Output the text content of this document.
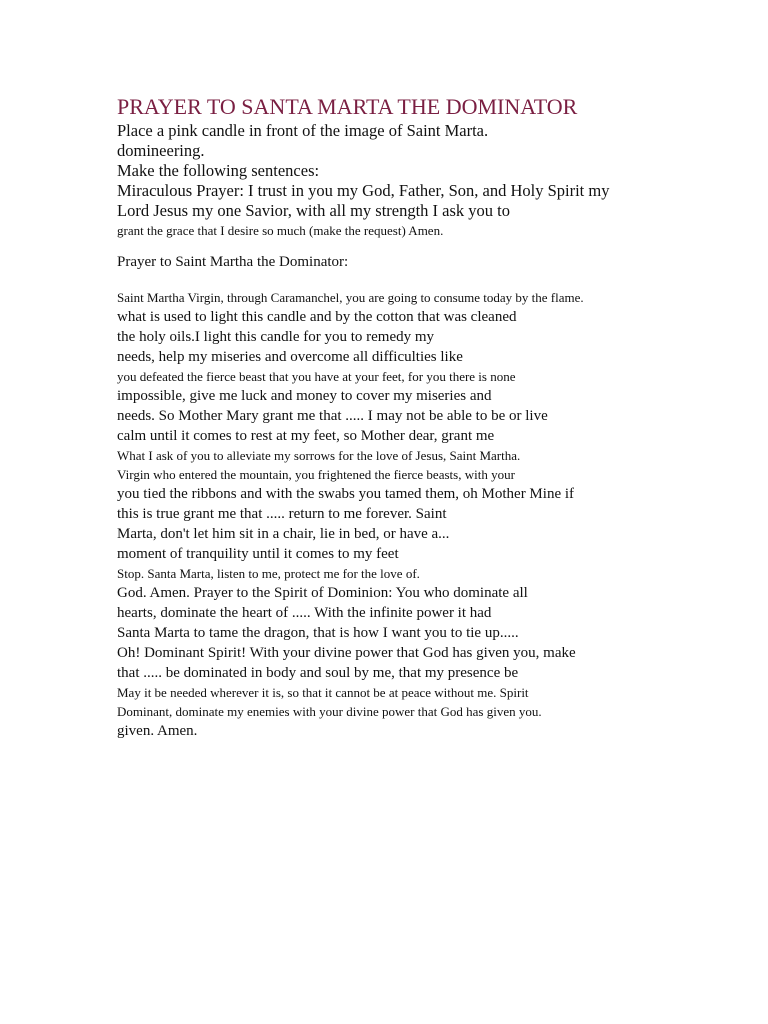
PRAYER TO SANTA MARTA THE DOMINATOR
Place a pink candle in front of the image of Saint Marta.
domineering.
Make the following sentences:
Miraculous Prayer: I trust in you my God, Father, Son, and Holy Spirit my
Lord Jesus my one Savior, with all my strength I ask you to
grant the grace that I desire so much (make the request) Amen.
Prayer to Saint Martha the Dominator:
Saint Martha Virgin, through Caramanchel, you are going to consume today by the flame.
what is used to light this candle and by the cotton that was cleaned
the holy oils.I light this candle for you to remedy my
needs, help my miseries and overcome all difficulties like
you defeated the fierce beast that you have at your feet, for you there is none
impossible, give me luck and money to cover my miseries and
needs. So Mother Mary grant me that ..... I may not be able to be or live
calm until it comes to rest at my feet, so Mother dear, grant me
What I ask of you to alleviate my sorrows for the love of Jesus, Saint Martha.
Virgin who entered the mountain, you frightened the fierce beasts, with your
you tied the ribbons and with the swabs you tamed them, oh Mother Mine if
this is true grant me that ..... return to me forever. Saint
Marta, don't let him sit in a chair, lie in bed, or have a...
moment of tranquility until it comes to my feet
Stop. Santa Marta, listen to me, protect me for the love of.
God. Amen. Prayer to the Spirit of Dominion: You who dominate all
hearts, dominate the heart of ..... With the infinite power it had
Santa Marta to tame the dragon, that is how I want you to tie up.....
Oh! Dominant Spirit! With your divine power that God has given you, make
that ..... be dominated in body and soul by me, that my presence be
May it be needed wherever it is, so that it cannot be at peace without me. Spirit
Dominant, dominate my enemies with your divine power that God has given you.
given. Amen.
